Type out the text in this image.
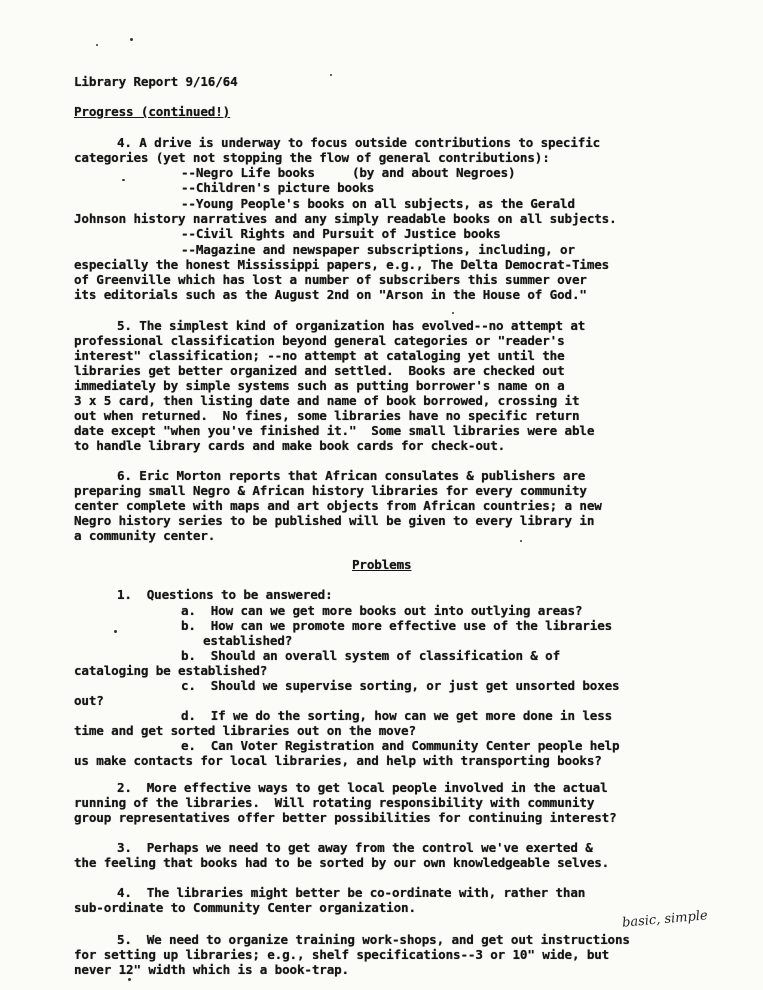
Library Report 9/16/64
Progress (continued!)
4. A drive is underway to focus outside contributions to specific
categories (yet not stopping the flow of general contributions):
--Negro Life books     (by and about Negroes)
--Children's picture books
--Young People's books on all subjects, as the Gerald
Johnson history narratives and any simply readable books on all subjects.
--Civil Rights and Pursuit of Justice books
--Magazine and newspaper subscriptions, including, or
especially the honest Mississippi papers, e.g., The Delta Democrat-Times
of Greenville which has lost a number of subscribers this summer over
its editorials such as the August 2nd on "Arson in the House of God."
5. The simplest kind of organization has evolved--no attempt at
professional classification beyond general categories or "reader's
interest" classification; --no attempt at cataloging yet until the
libraries get better organized and settled.  Books are checked out
immediately by simple systems such as putting borrower's name on a
3 x 5 card, then listing date and name of book borrowed, crossing it
out when returned.  No fines, some libraries have no specific return
date except "when you've finished it."  Some small libraries were able
to handle library cards and make book cards for check-out.
6. Eric Morton reports that African consulates & publishers are
preparing small Negro & African history libraries for every community
center complete with maps and art objects from African countries; a new
Negro history series to be published will be given to every library in
a community center.
Problems
1.  Questions to be answered:
a.  How can we get more books out into outlying areas?
b.  How can we promote more effective use of the libraries
established?
b.  Should an overall system of classification & of
cataloging be established?
c.  Should we supervise sorting, or just get unsorted boxes
out?
d.  If we do the sorting, how can we get more done in less
time and get sorted libraries out on the move?
e.  Can Voter Registration and Community Center people help
us make contacts for local libraries, and help with transporting books?
2.  More effective ways to get local people involved in the actual
running of the libraries.  Will rotating responsibility with community
group representatives offer better possibilities for continuing interest?
3.  Perhaps we need to get away from the control we've exerted &
the feeling that books had to be sorted by our own knowledgeable selves.
4.  The libraries might better be co-ordinate with, rather than
sub-ordinate to Community Center organization.
5.  We need to organize training work-shops, and get out instructions
for setting up libraries; e.g., shelf specifications--3 or 10" wide, but
never 12" width which is a book-trap.
basic, simple
